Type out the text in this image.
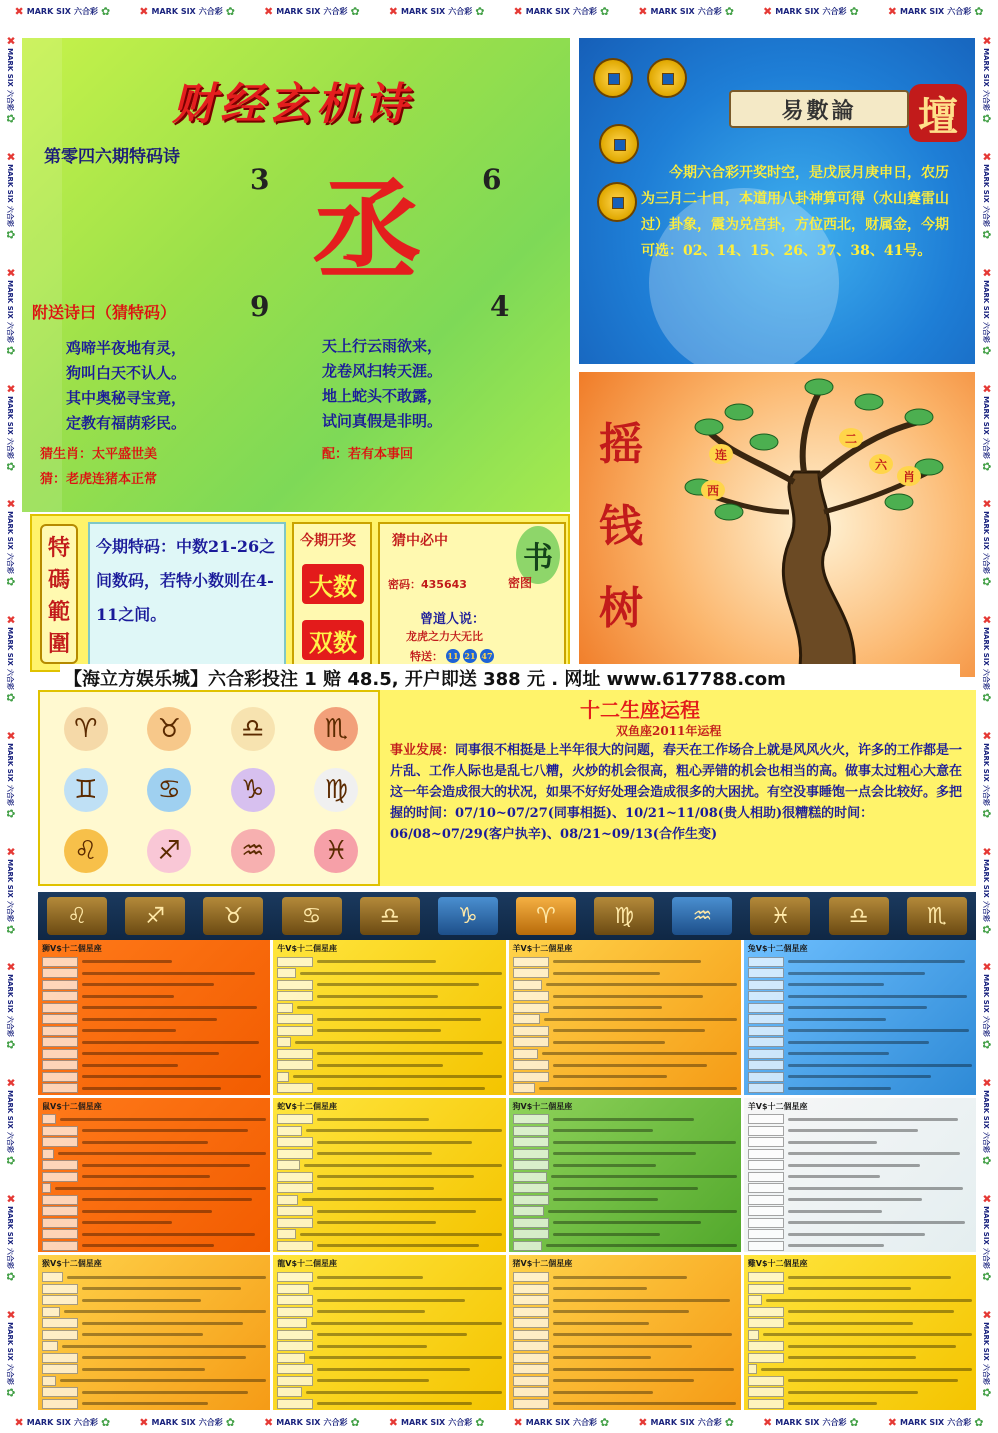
✖ MARK SIX 六合彩 ✿	✖ MARK SIX 六合彩 ✿	✖ MARK SIX 六合彩 ✿	✖ MARK SIX 六合彩 ✿	✖ MARK SIX 六合彩 ✿	✖ MARK SIX 六合彩 ✿	✖ MARK SIX 六合彩 ✿	✖ MARK SIX 六合彩 ✿
✖ MARK SIX 六合彩 ✿	✖ MARK SIX 六合彩 ✿	✖ MARK SIX 六合彩 ✿	✖ MARK SIX 六合彩 ✿	✖ MARK SIX 六合彩 ✿	✖ MARK SIX 六合彩 ✿	✖ MARK SIX 六合彩 ✿	✖ MARK SIX 六合彩 ✿
✖
MARK SIX
六合彩
✿
✖
MARK SIX
六合彩
✿
✖
MARK SIX
六合彩
✿
✖
MARK SIX
六合彩
✿
✖
MARK SIX
六合彩
✿
✖
MARK SIX
六合彩
✿
✖
MARK SIX
六合彩
✿
✖
MARK SIX
六合彩
✿
✖
MARK SIX
六合彩
✿
✖
MARK SIX
六合彩
✿
✖
MARK SIX
六合彩
✿
✖
MARK SIX
六合彩
✿
✖
MARK SIX
六合彩
✿
✖
MARK SIX
六合彩
✿
✖
MARK SIX
六合彩
✿
✖
MARK SIX
六合彩
✿
✖
MARK SIX
六合彩
✿
✖
MARK SIX
六合彩
✿
✖
MARK SIX
六合彩
✿
✖
MARK SIX
六合彩
✿
✖
MARK SIX
六合彩
✿
✖
MARK SIX
六合彩
✿
✖
MARK SIX
六合彩
✿
✖
MARK SIX
六合彩
✿
财经玄机诗
第零四六期特码诗
3	6
丞
9	4
附送诗曰（猜特码）
鸡啼半夜地有灵，
狗叫白天不认人。
其中奥秘寻宝竟，
定教有福荫彩民。
天上行云雨欲来，
龙卷风扫转天涯。
地上蛇头不敢露，
试问真假是非明。
猜生肖：太平盛世美
猜：老虎连猪本正常
配：若有本事回
易數論	壇
今期六合彩开奖时空，是戊辰月庚申日，农历为三月二十日，本道用八卦神算可得（水山蹇雷山过）卦象，震为兑宫卦，方位西北，财属金，今期可选：02、14、15、26、37、38、41号。
摇
钱
树
二
六
肖
连
西
特
碼
範
圍
今期特码：中数21-26之间数码，若特小数则在4-11之间。
今期开奖
大数
双数
猜中必中	书
密码：435643	密图
曾道人说：
龙虎之力大无比
特送： 11 21 47
【海立方娱乐城】六合彩投注 1 赔 48.5, 开户即送 388 元 . 网址 www.617788.com
♈	♉	♎	♏
♊	♋	♑	♍
♌	♐	♒	♓
十二生座运程
双鱼座2011年运程
事业发展：同事很不相挺是上半年很大的问题，春天在工作场合上就是风风火火，许多的工作都是一片乱、工作人际也是乱七八糟，火炒的机会很高，粗心弄错的机会也相当的高。做事太过粗心大意在这一年会造成很大的状况，如果不好好处理会造成很多的大困扰。有空没事睡饱一点会比较好。多把握的时间：07/10~07/27(同事相挺)、10/21~11/08(贵人相助)很糟糕的时间：06/08~07/29(客户执辛)、08/21~09/13(合作生变)
♌	♐	♉	♋	♎	♑	♈	♍	♒	♓	♎	♏
狮V$十二個星座	牛V$十二個星座	羊V$十二個星座	兔V$十二個星座
鼠V$十二個星座	蛇V$十二個星座	狗V$十二個星座	羊V$十二個星座
猴V$十二個星座	龍V$十二個星座	猪V$十二個星座	雞V$十二個星座
